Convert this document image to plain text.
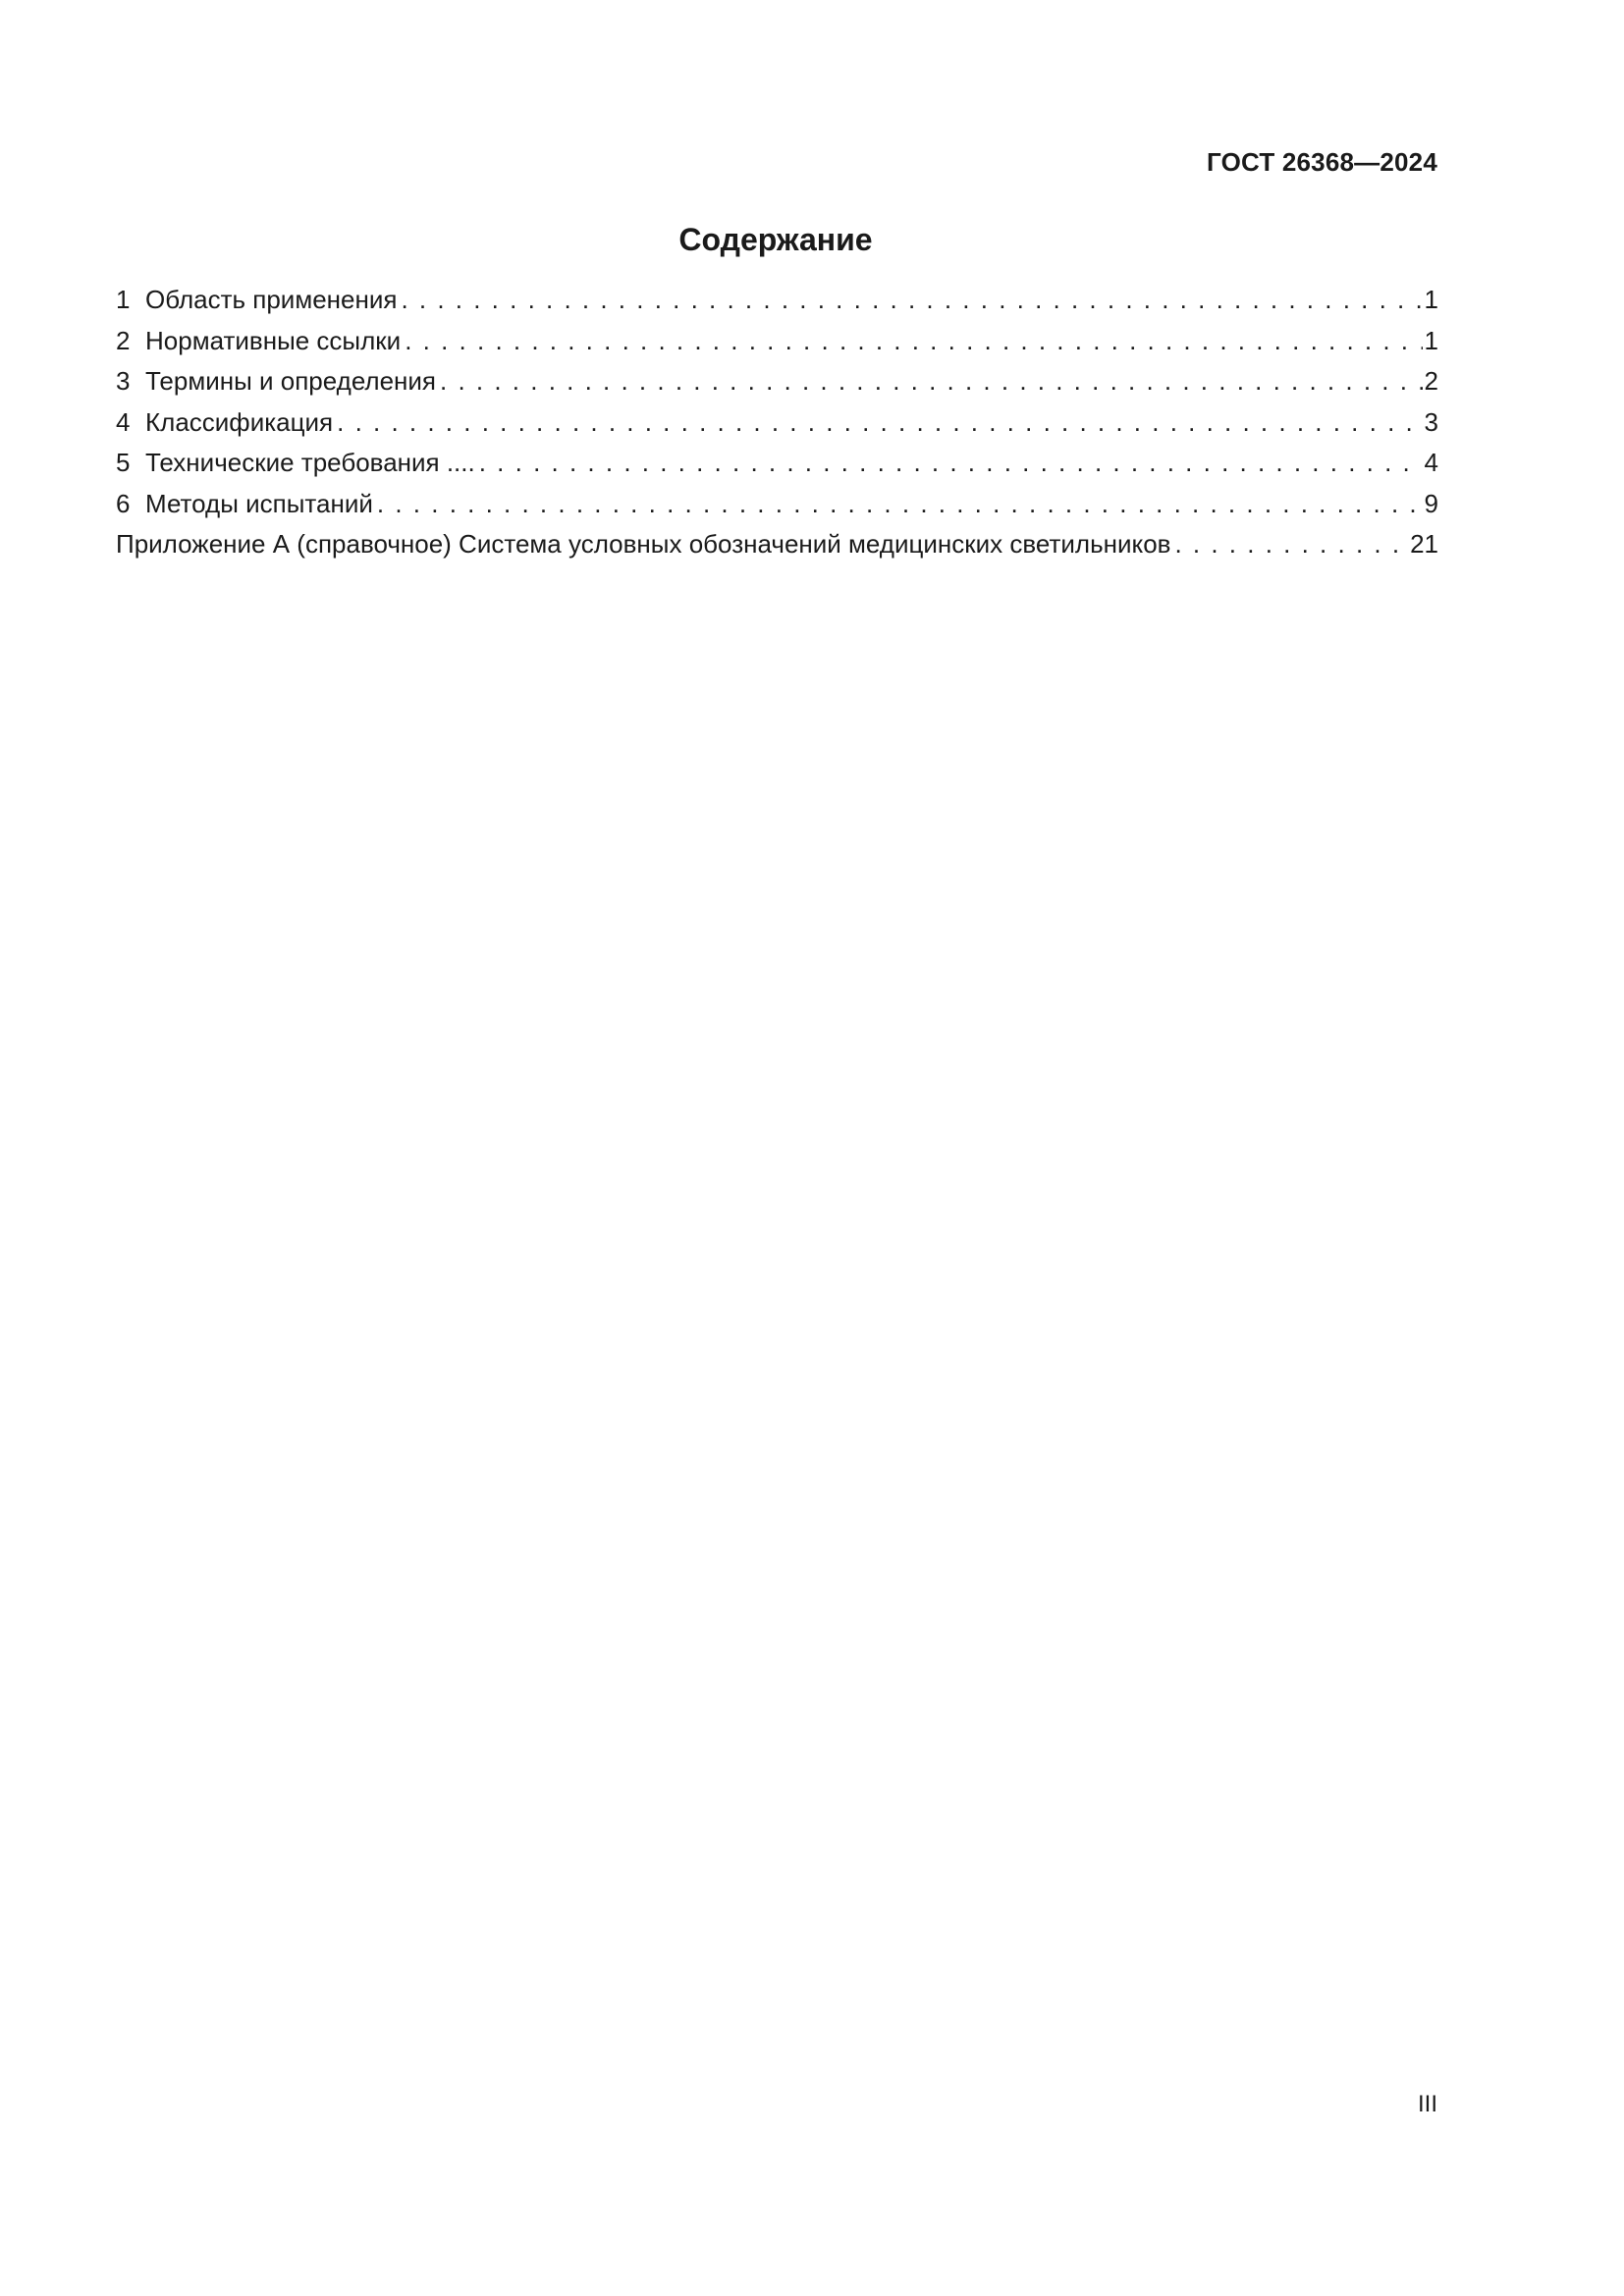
ГОСТ 26368—2024
Содержание
1 Область применения . . .	1
2 Нормативные ссылки . . .	1
3 Термины и определения . . .	2
4 Классификация . . .	3
5 Технические требования .... . . .	4
6 Методы испытаний . . .	9
Приложение А (справочное) Система условных обозначений медицинских светильников . . .	21
III
